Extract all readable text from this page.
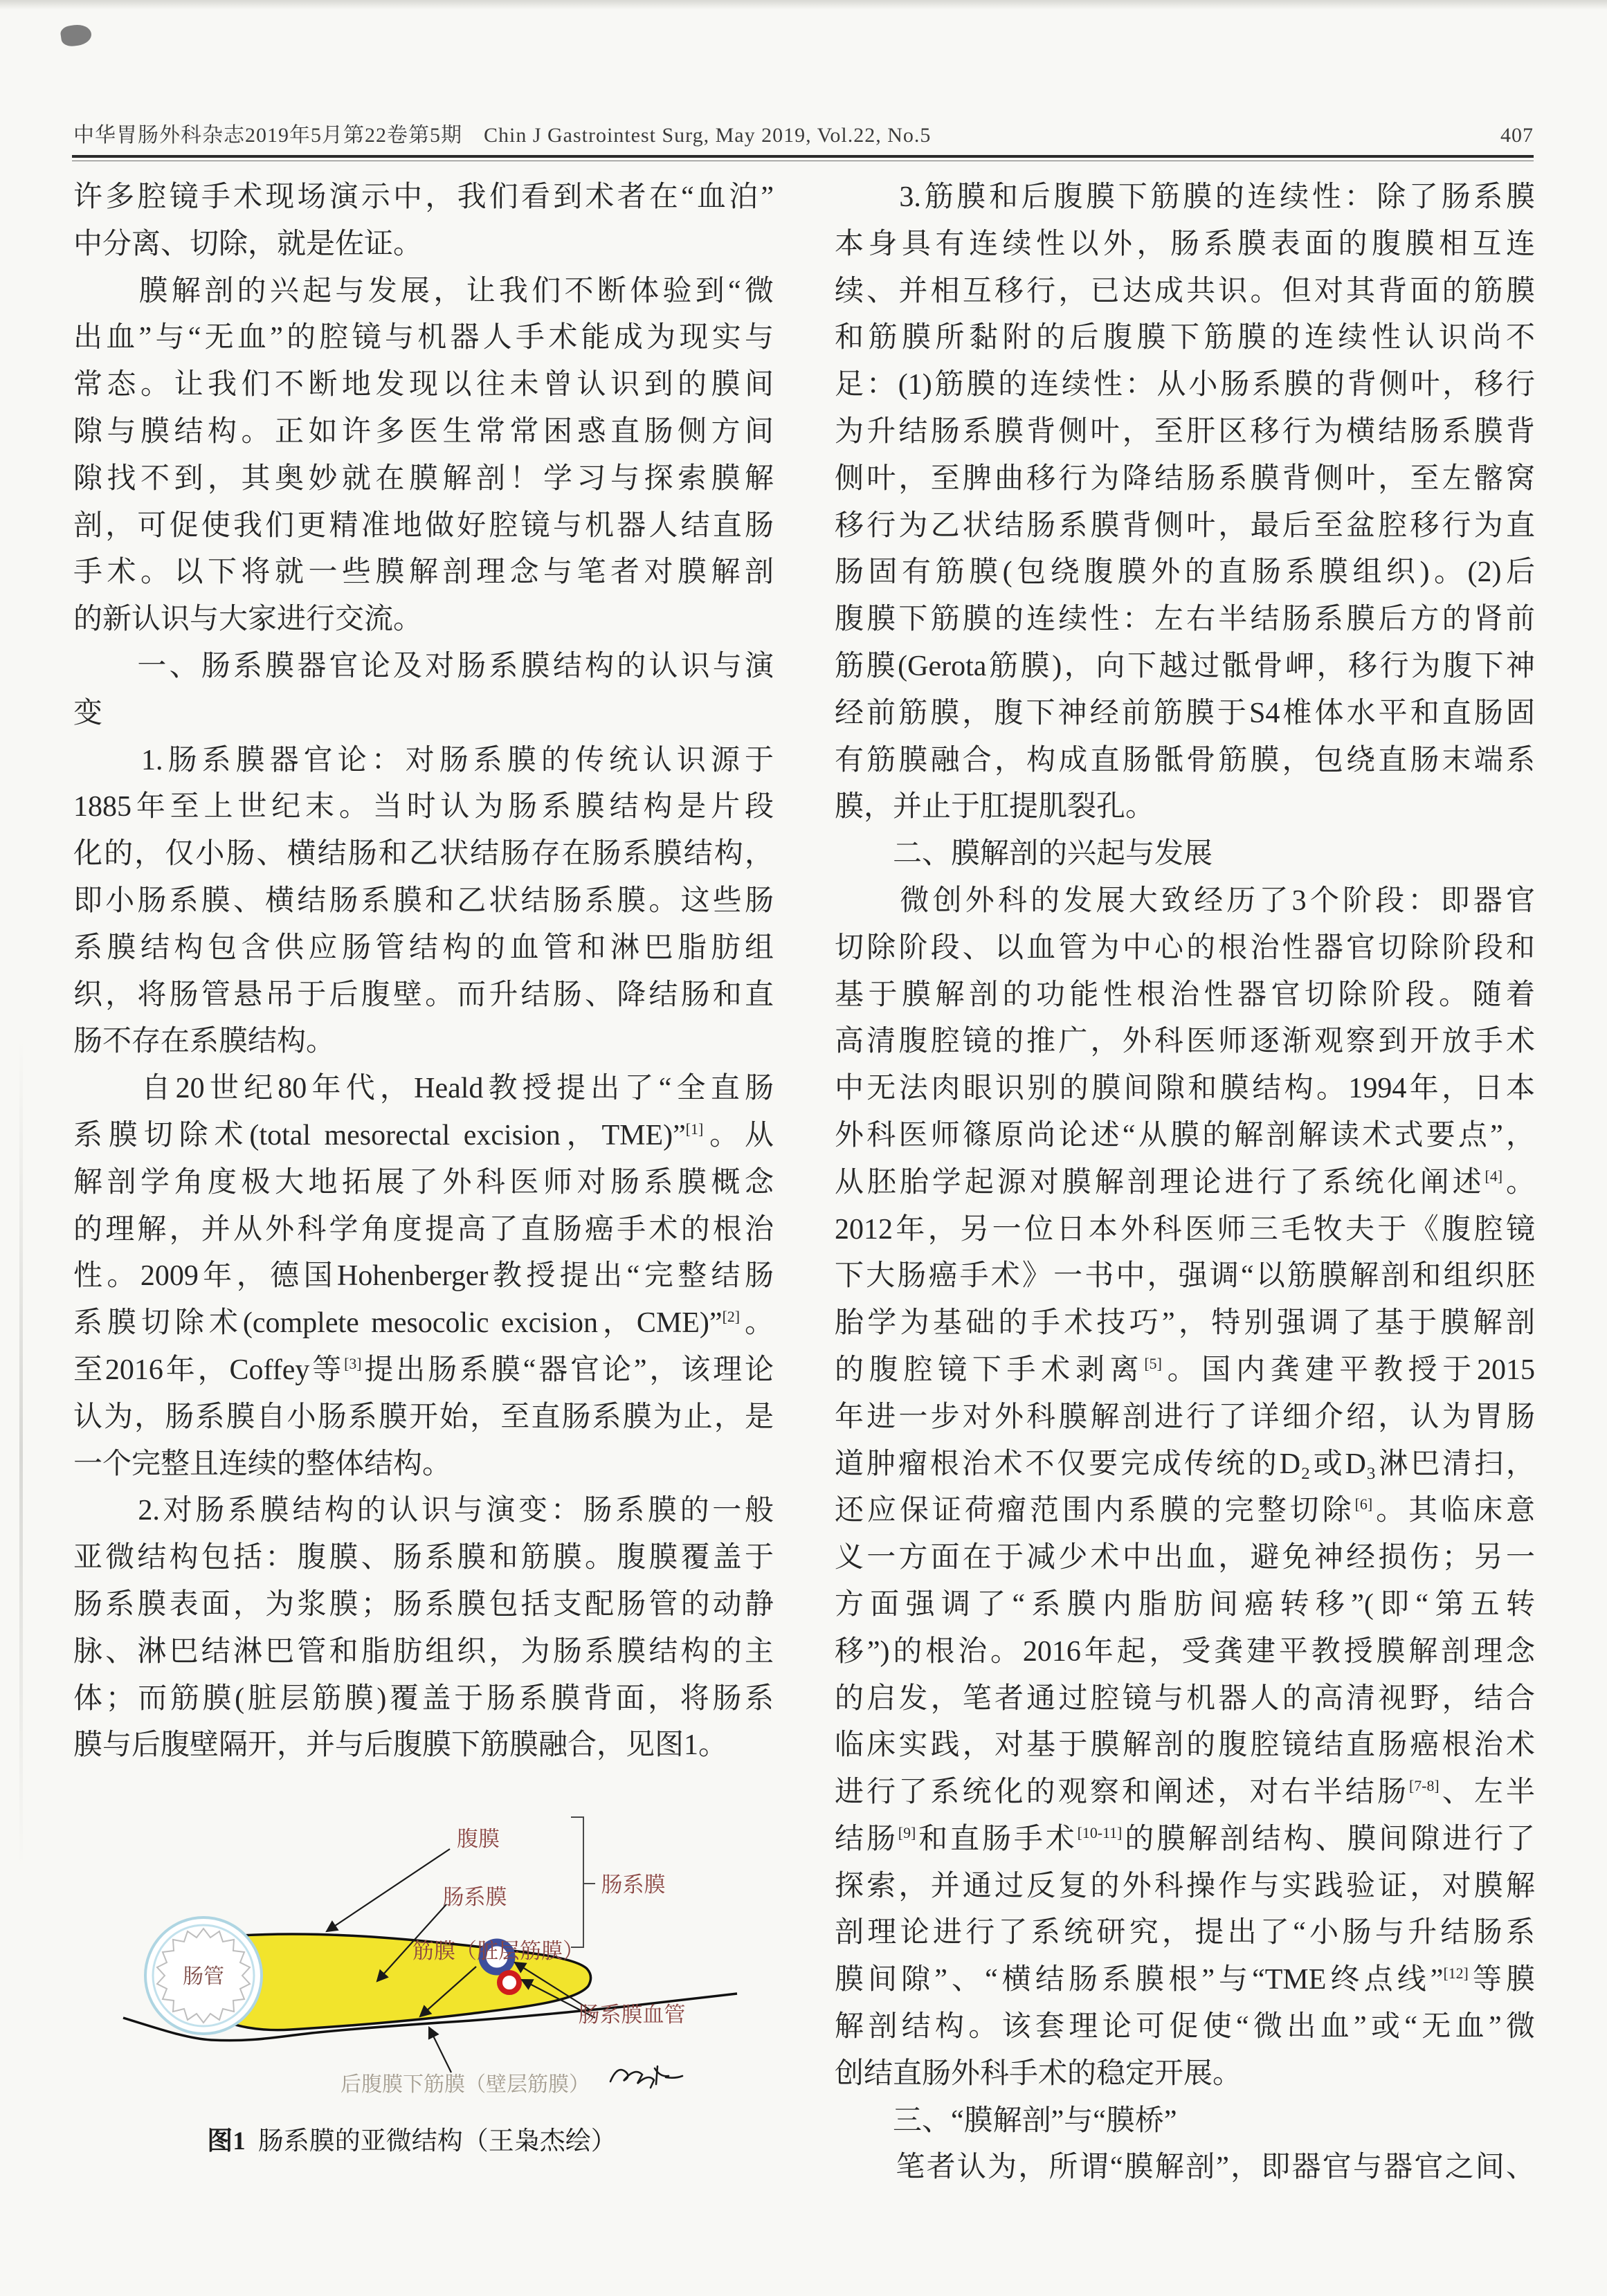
中华胃肠外科杂志2019年5月第22卷第5期　Chin J Gastrointest Surg, May 2019, Vol.22, No.5	407
许多腔镜手术现场演示中，我们看到术者在“血泊”
中分离、切除，就是佐证。
　　膜解剖的兴起与发展，让我们不断体验到“微
出血”与“无血”的腔镜与机器人手术能成为现实与
常态。让我们不断地发现以往未曾认识到的膜间
隙与膜结构。正如许多医生常常困惑直肠侧方间
隙找不到，其奥妙就在膜解剖！学习与探索膜解
剖，可促使我们更精准地做好腔镜与机器人结直肠
手术。以下将就一些膜解剖理念与笔者对膜解剖
的新认识与大家进行交流。
　　一、肠系膜器官论及对肠系膜结构的认识与演
变
　　1.肠系膜器官论：对肠系膜的传统认识源于
1885年至上世纪末。当时认为肠系膜结构是片段
化的，仅小肠、横结肠和乙状结肠存在肠系膜结构，
即小肠系膜、横结肠系膜和乙状结肠系膜。这些肠
系膜结构包含供应肠管结构的血管和淋巴脂肪组
织，将肠管悬吊于后腹壁。而升结肠、降结肠和直
肠不存在系膜结构。
　　自20世纪80年代，Heald教授提出了“全直肠
系膜切除术(total mesorectal excision，TME)”[1]。从
解剖学角度极大地拓展了外科医师对肠系膜概念
的理解，并从外科学角度提高了直肠癌手术的根治
性。2009年，德国Hohenberger教授提出“完整结肠
系膜切除术(complete mesocolic excision，CME)”[2]。
至2016年，Coffey等[3]提出肠系膜“器官论”，该理论
认为，肠系膜自小肠系膜开始，至直肠系膜为止，是
一个完整且连续的整体结构。
　　2.对肠系膜结构的认识与演变：肠系膜的一般
亚微结构包括：腹膜、肠系膜和筋膜。腹膜覆盖于
肠系膜表面，为浆膜；肠系膜包括支配肠管的动静
脉、淋巴结淋巴管和脂肪组织，为肠系膜结构的主
体；而筋膜(脏层筋膜)覆盖于肠系膜背面，将肠系
膜与后腹壁隔开，并与后腹膜下筋膜融合，见图1。
　　3.筋膜和后腹膜下筋膜的连续性：除了肠系膜
本身具有连续性以外，肠系膜表面的腹膜相互连
续、并相互移行，已达成共识。但对其背面的筋膜
和筋膜所黏附的后腹膜下筋膜的连续性认识尚不
足：(1)筋膜的连续性：从小肠系膜的背侧叶，移行
为升结肠系膜背侧叶，至肝区移行为横结肠系膜背
侧叶，至脾曲移行为降结肠系膜背侧叶，至左髂窝
移行为乙状结肠系膜背侧叶，最后至盆腔移行为直
肠固有筋膜(包绕腹膜外的直肠系膜组织)。(2)后
腹膜下筋膜的连续性：左右半结肠系膜后方的肾前
筋膜(Gerota筋膜)，向下越过骶骨岬，移行为腹下神
经前筋膜，腹下神经前筋膜于S4椎体水平和直肠固
有筋膜融合，构成直肠骶骨筋膜，包绕直肠末端系
膜，并止于肛提肌裂孔。
　　二、膜解剖的兴起与发展
　　微创外科的发展大致经历了3个阶段：即器官
切除阶段、以血管为中心的根治性器官切除阶段和
基于膜解剖的功能性根治性器官切除阶段。随着
高清腹腔镜的推广，外科医师逐渐观察到开放手术
中无法肉眼识别的膜间隙和膜结构。1994年，日本
外科医师篠原尚论述“从膜的解剖解读术式要点”，
从胚胎学起源对膜解剖理论进行了系统化阐述[4]。
2012年，另一位日本外科医师三毛牧夫于《腹腔镜
下大肠癌手术》一书中，强调“以筋膜解剖和组织胚
胎学为基础的手术技巧”，特别强调了基于膜解剖
的腹腔镜下手术剥离[5]。国内龚建平教授于2015
年进一步对外科膜解剖进行了详细介绍，认为胃肠
道肿瘤根治术不仅要完成传统的D₂或D₃淋巴清扫，
还应保证荷瘤范围内系膜的完整切除[6]。其临床意
义一方面在于减少术中出血，避免神经损伤；另一
方面强调了“系膜内脂肪间癌转移”(即“第五转
移”)的根治。2016年起，受龚建平教授膜解剖理念
的启发，笔者通过腔镜与机器人的高清视野，结合
临床实践，对基于膜解剖的腹腔镜结直肠癌根治术
进行了系统化的观察和阐述，对右半结肠[7-8]、左半
结肠[9]和直肠手术[10-11]的膜解剖结构、膜间隙进行了
探索，并通过反复的外科操作与实践验证，对膜解
剖理论进行了系统研究，提出了“小肠与升结肠系
膜间隙”、“横结肠系膜根”与“TME终点线”[12]等膜
解剖结构。该套理论可促使“微出血”或“无血”微
创结直肠外科手术的稳定开展。
　　三、“膜解剖”与“膜桥”
　　笔者认为，所谓“膜解剖”，即器官与器官之间、
肠管
腹膜
肠系膜
筋膜（脏层筋膜）
肠系膜
肠系膜血管
后腹膜下筋膜（壁层筋膜）
图1 肠系膜的亚微结构（王枭杰绘）
